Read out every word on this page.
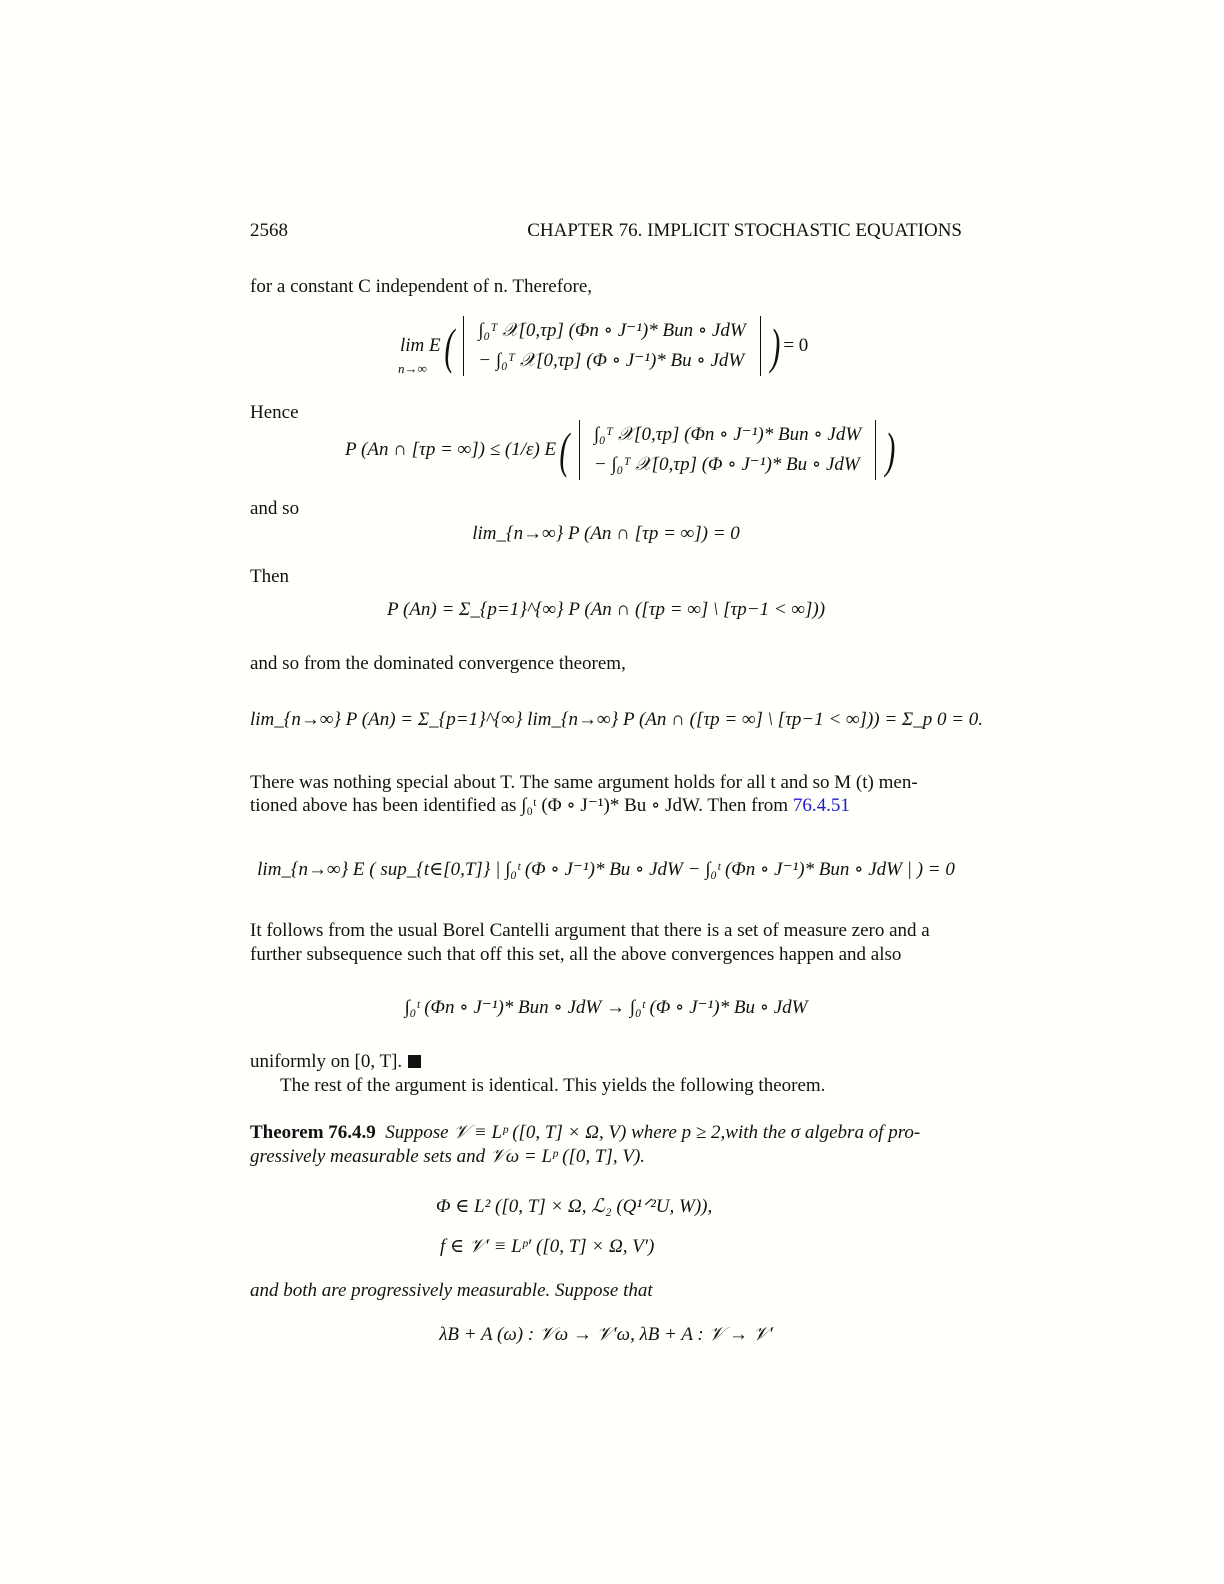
2568	CHAPTER 76. IMPLICIT STOCHASTIC EQUATIONS
for a constant C independent of n. Therefore,
lim E ( ∫₀ᵀ 𝒳[0,τp] (Φn ∘ J⁻¹)* Bun ∘ JdW
− ∫₀ᵀ 𝒳[0,τp] (Φ ∘ J⁻¹)* Bu ∘ JdW ) = 0
n→∞
Hence
P (An ∩ [τp = ∞]) ≤ (1/ε) E ( ∫₀ᵀ 𝒳[0,τp] (Φn ∘ J⁻¹)* Bun ∘ JdW
− ∫₀ᵀ 𝒳[0,τp] (Φ ∘ J⁻¹)* Bu ∘ JdW )
and so
lim_{n→∞} P (An ∩ [τp = ∞]) = 0
Then
P (An) = Σ_{p=1}^{∞} P (An ∩ ([τp = ∞] \ [τp−1 < ∞]))
and so from the dominated convergence theorem,
lim_{n→∞} P (An) = Σ_{p=1}^{∞} lim_{n→∞} P (An ∩ ([τp = ∞] \ [τp−1 < ∞])) = Σ_p 0 = 0.
There was nothing special about T. The same argument holds for all t and so M (t) men-
tioned above has been identified as ∫₀ᵗ (Φ ∘ J⁻¹)* Bu ∘ JdW. Then from 76.4.51
lim_{n→∞} E ( sup_{t∈[0,T]} | ∫₀ᵗ (Φ ∘ J⁻¹)* Bu ∘ JdW − ∫₀ᵗ (Φn ∘ J⁻¹)* Bun ∘ JdW | ) = 0
It follows from the usual Borel Cantelli argument that there is a set of measure zero and a
further subsequence such that off this set, all the above convergences happen and also
∫₀ᵗ (Φn ∘ J⁻¹)* Bun ∘ JdW → ∫₀ᵗ (Φ ∘ J⁻¹)* Bu ∘ JdW
uniformly on [0, T].
The rest of the argument is identical. This yields the following theorem.
Theorem 76.4.9 Suppose 𝒱 ≡ Lᵖ ([0, T] × Ω, V) where p ≥ 2,with the σ algebra of pro-
gressively measurable sets and 𝒱ω = Lᵖ ([0, T], V).
Φ ∈ L² ([0, T] × Ω, ℒ₂ (Q¹ᐟ²U, W)),
f ∈ 𝒱′ ≡ Lᵖ′ ([0, T] × Ω, V′)
and both are progressively measurable. Suppose that
λB + A (ω) : 𝒱ω → 𝒱′ω, λB + A : 𝒱 → 𝒱′
